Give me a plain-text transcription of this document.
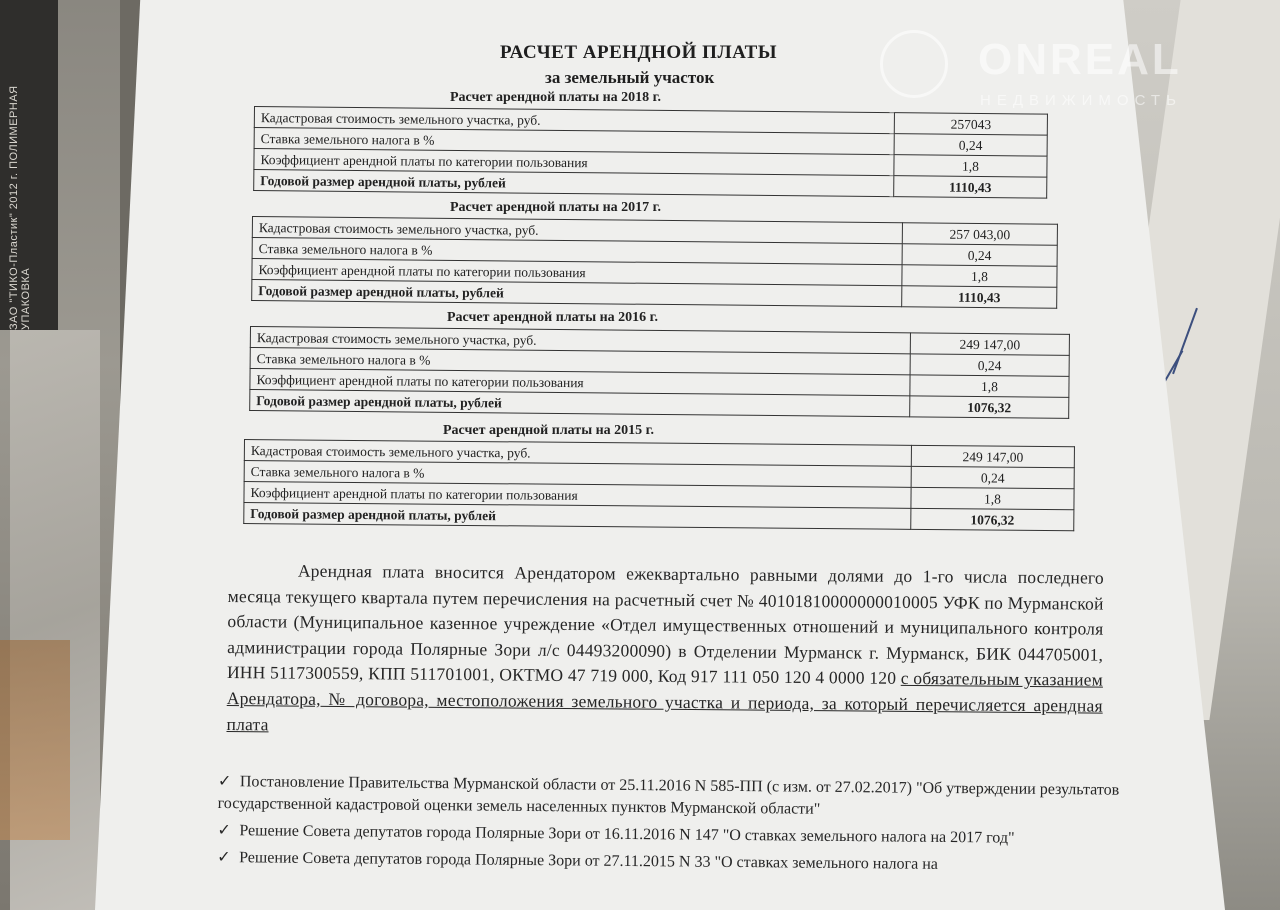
ЗАО "ТИКО-Пластик" 2012 г. ПОЛИМЕРНАЯ УПАКОВКА
ONREAL
НЕДВИЖИМОСТЬ
РАСЧЕТ АРЕНДНОЙ ПЛАТЫ
за земельный участок
Расчет арендной платы на 2018 г.
Кадастровая стоимость земельного участка, руб.	257043
Ставка земельного налога в %	0,24
Коэффициент арендной платы по категории пользования	1,8
Годовой размер арендной платы, рублей	1110,43
Расчет арендной платы на 2017 г.
Кадастровая стоимость земельного участка, руб.	257 043,00
Ставка земельного налога в %	0,24
Коэффициент арендной платы по категории пользования	1,8
Годовой размер арендной платы, рублей	1110,43
Расчет арендной платы на 2016 г.
Кадастровая стоимость земельного участка, руб.	249 147,00
Ставка земельного налога в %	0,24
Коэффициент арендной платы по категории пользования	1,8
Годовой размер арендной платы, рублей	1076,32
Расчет арендной платы на 2015 г.
Кадастровая стоимость земельного участка, руб.	249 147,00
Ставка земельного налога в %	0,24
Коэффициент арендной платы по категории пользования	1,8
Годовой размер арендной платы, рублей	1076,32

Арендная плата вносится Арендатором ежеквартально равными долями до 1-го числа последнего месяца текущего квартала путем перечисления на расчетный счет № 40101810000000010005 УФК по Мурманской области (Муниципальное казенное учреждение «Отдел имущественных отношений и муниципального контроля администрации города Полярные Зори л/с 04493200090) в Отделении Мурманск г. Мурманск, БИК 044705001, ИНН 5117300559, КПП 511701001, ОКТМО 47 719 000, Код 917 111 050 120 4 0000 120 с обязательным указанием Арендатора, № договора, местоположения земельного участка и периода, за который перечисляется арендная плата

✓ Постановление Правительства Мурманской области от 25.11.2016 N 585-ПП (с изм. от 27.02.2017) "Об утверждении результатов государственной кадастровой оценки земель населенных пунктов Мурманской области"
✓ Решение Совета депутатов города Полярные Зори от 16.11.2016 N 147 "О ставках земельного налога на 2017 год"
✓ Решение Совета депутатов города Полярные Зори от 27.11.2015 N 33 "О ставках земельного налога на
